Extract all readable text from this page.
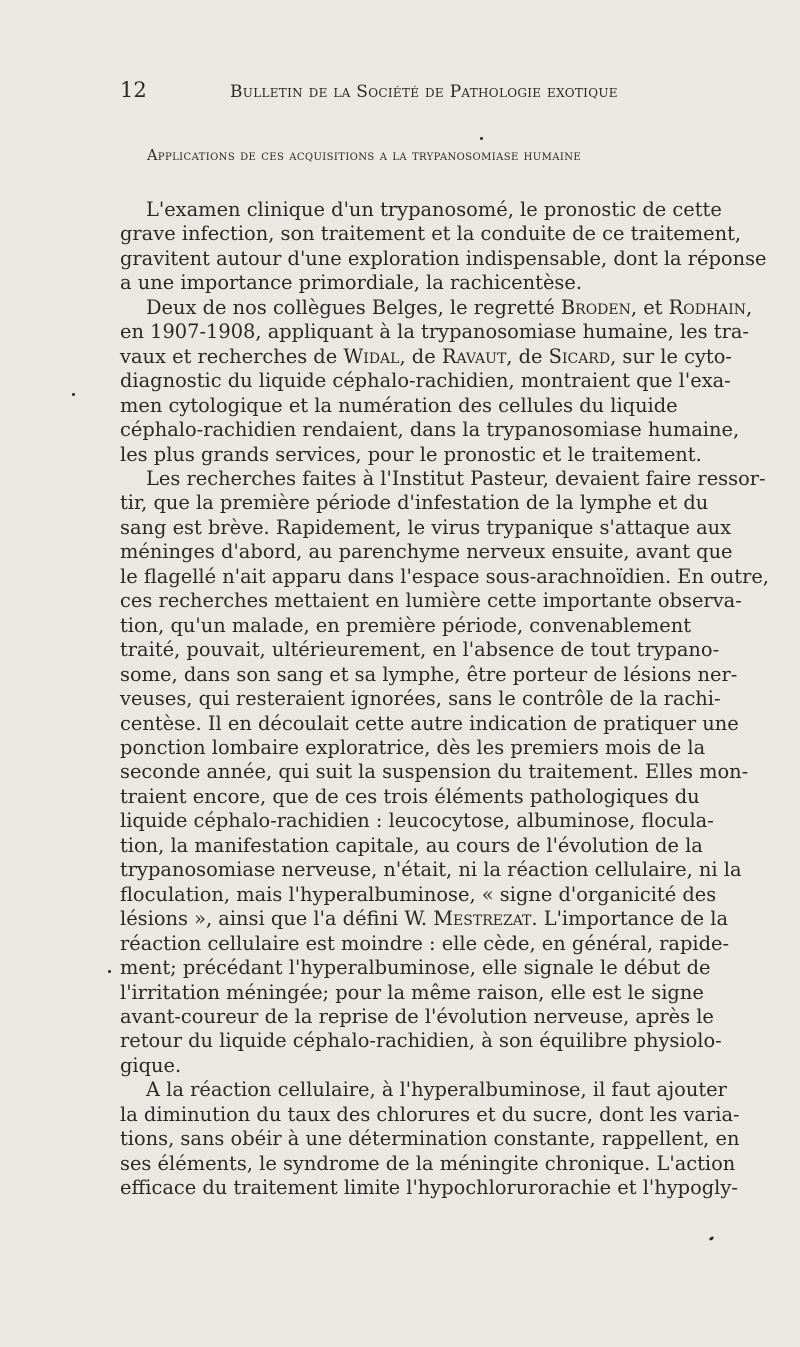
12	Bulletin de la Société de Pathologie exotique
Applications de ces acquisitions a la trypanosomiase humaine
L'examen clinique d'un trypanosomé, le pronostic de cette
grave infection, son traitement et la conduite de ce traitement,
gravitent autour d'une exploration indispensable, dont la réponse
a une importance primordiale, la rachicentèse.
Deux de nos collègues Belges, le regretté Broden, et Rodhain,
en 1907-1908, appliquant à la trypanosomiase humaine, les tra-
vaux et recherches de Widal, de Ravaut, de Sicard, sur le cyto-
diagnostic du liquide céphalo-rachidien, montraient que l'exa-
men cytologique et la numération des cellules du liquide
céphalo-rachidien rendaient, dans la trypanosomiase humaine,
les plus grands services, pour le pronostic et le traitement.
Les recherches faites à l'Institut Pasteur, devaient faire ressor-
tir, que la première période d'infestation de la lymphe et du
sang est brève. Rapidement, le virus trypanique s'attaque aux
méninges d'abord, au parenchyme nerveux ensuite, avant que
le flagellé n'ait apparu dans l'espace sous-arachnoïdien. En outre,
ces recherches mettaient en lumière cette importante observa-
tion, qu'un malade, en première période, convenablement
traité, pouvait, ultérieurement, en l'absence de tout trypano-
some, dans son sang et sa lymphe, être porteur de lésions ner-
veuses, qui resteraient ignorées, sans le contrôle de la rachi-
centèse. Il en découlait cette autre indication de pratiquer une
ponction lombaire exploratrice, dès les premiers mois de la
seconde année, qui suit la suspension du traitement. Elles mon-
traient encore, que de ces trois éléments pathologiques du
liquide céphalo-rachidien : leucocytose, albuminose, flocula-
tion, la manifestation capitale, au cours de l'évolution de la
trypanosomiase nerveuse, n'était, ni la réaction cellulaire, ni la
floculation, mais l'hyperalbuminose, « signe d'organicité des
lésions », ainsi que l'a défini W. Mestrezat. L'importance de la
réaction cellulaire est moindre : elle cède, en général, rapide-
ment; précédant l'hyperalbuminose, elle signale le début de
l'irritation méningée; pour la même raison, elle est le signe
avant-coureur de la reprise de l'évolution nerveuse, après le
retour du liquide céphalo-rachidien, à son équilibre physiolo-
gique.
A la réaction cellulaire, à l'hyperalbuminose, il faut ajouter
la diminution du taux des chlorures et du sucre, dont les varia-
tions, sans obéir à une détermination constante, rappellent, en
ses éléments, le syndrome de la méningite chronique. L'action
efficace du traitement limite l'hypochlorurorachie et l'hypogly-
